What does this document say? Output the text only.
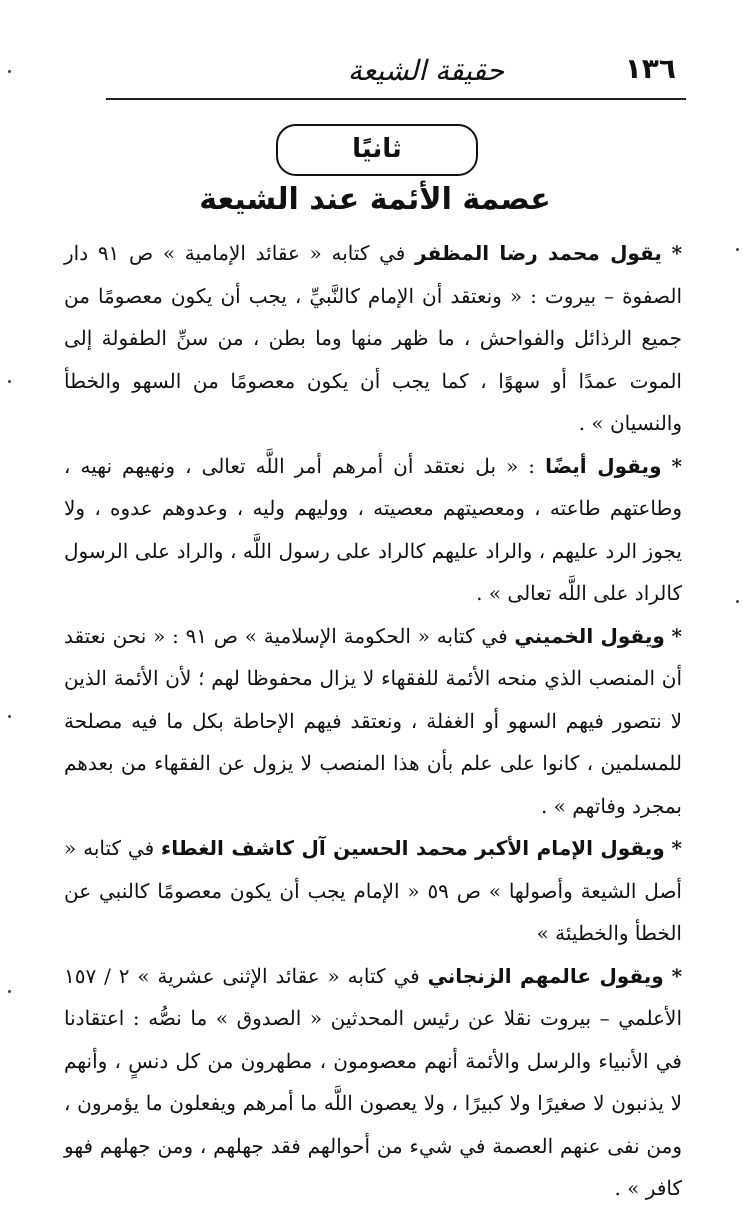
حقيقة الشيعة	١٣٦
ثانيًا
عصمة الأئمة عند الشيعة

* يقول محمد رضا المظفر في كتابه « عقائد الإمامية » ص ٩١ دار الصفوة – بيروت : « ونعتقد أن الإمام كالنَّبيِّ ، يجب أن يكون معصومًا من جميع الرذائل والفواحش ، ما ظهر منها وما بطن ، من سنِّ الطفولة إلى الموت عمدًا أو سهوًا ، كما يجب أن يكون معصومًا من السهو والخطأ والنسيان » .

* ويقول أيضًا : « بل نعتقد أن أمرهم أمر اللَّه تعالى ، ونهيهم نهيه ، وطاعتهم طاعته ، ومعصيتهم معصيته ، ووليهم وليه ، وعدوهم عدوه ، ولا يجوز الرد عليهم ، والراد عليهم كالراد على رسول اللَّه ، والراد على الرسول كالراد على اللَّه تعالى » .

* ويقول الخميني في كتابه « الحكومة الإسلامية » ص ٩١ : « نحن نعتقد أن المنصب الذي منحه الأئمة للفقهاء لا يزال محفوظا لهم ؛ لأن الأئمة الذين لا نتصور فيهم السهو أو الغفلة ، ونعتقد فيهم الإحاطة بكل ما فيه مصلحة للمسلمين ، كانوا على علم بأن هذا المنصب لا يزول عن الفقهاء من بعدهم بمجرد وفاتهم » .

* ويقول الإمام الأكبر محمد الحسين آل كاشف الغطاء في كتابه « أصل الشيعة وأصولها » ص ٥٩ « الإمام يجب أن يكون معصومًا كالنبي عن الخطأ والخطيئة »

* ويقول عالمهم الزنجاني في كتابه « عقائد الإثنى عشرية » ٢ / ١٥٧ الأعلمي – بيروت نقلا عن رئيس المحدثين « الصدوق » ما نصُّه : اعتقادنا في الأنبياء والرسل والأئمة أنهم معصومون ، مطهرون من كل دنسٍ ، وأنهم لا يذنبون لا صغيرًا ولا كبيرًا ، ولا يعصون اللَّه ما أمرهم ويفعلون ما يؤمرون ، ومن نفى عنهم العصمة في شيء من أحوالهم فقد جهلهم ، ومن جهلهم فهو كافر » .
